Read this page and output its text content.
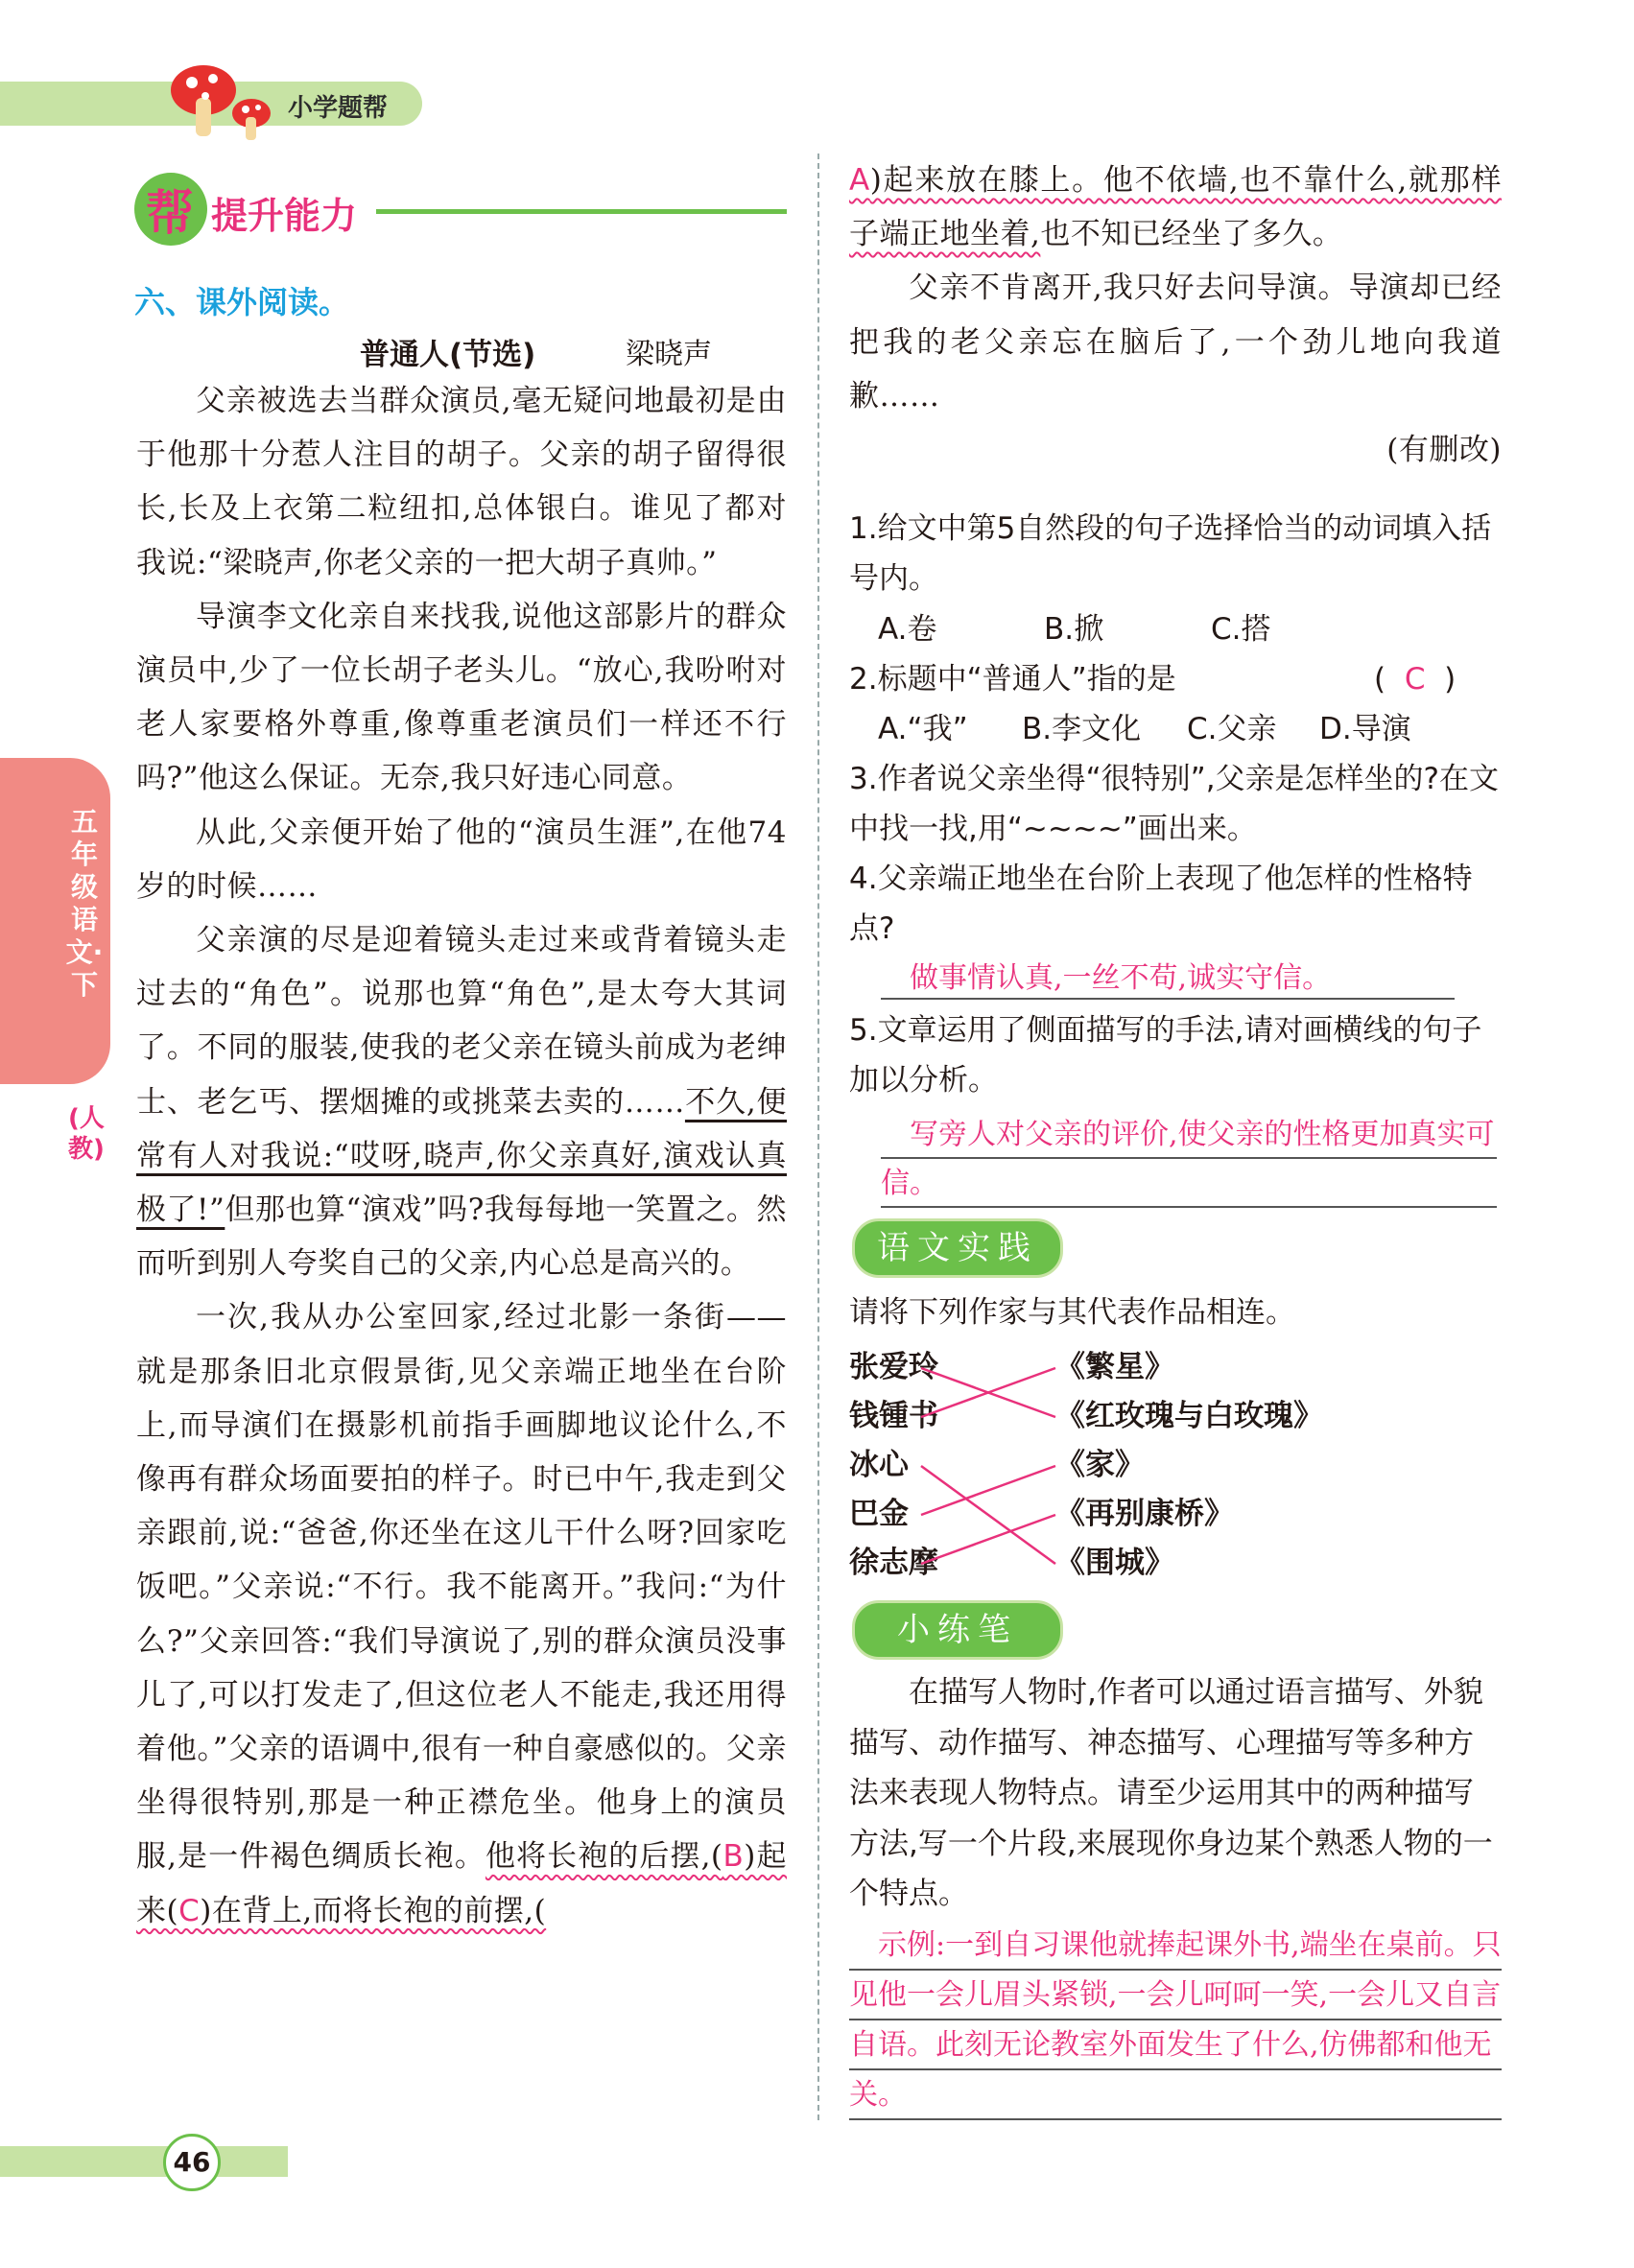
小学题帮
帮 提升能力
六、课外阅读。
普通人(节选)	梁晓声

父亲被选去当群众演员,毫无疑问地最初是由于他那十分惹人注目的胡子。父亲的胡子留得很长,长及上衣第二粒纽扣,总体银白。谁见了都对我说:“梁晓声,你老父亲的一把大胡子真帅。”

导演李文化亲自来找我,说他这部影片的群众演员中,少了一位长胡子老头儿。“放心,我吩咐对老人家要格外尊重,像尊重老演员们一样还不行吗?”他这么保证。无奈,我只好违心同意。

从此,父亲便开始了他的“演员生涯”,在他74岁的时候……

父亲演的尽是迎着镜头走过来或背着镜头走过去的“角色”。说那也算“角色”,是太夸大其词了。不同的服装,使我的老父亲在镜头前成为老绅士、老乞丐、摆烟摊的或挑菜去卖的……不久,便常有人对我说:“哎呀,晓声,你父亲真好,演戏认真极了!”但那也算“演戏”吗?我每每地一笑置之。然而听到别人夸奖自己的父亲,内心总是高兴的。

一次,我从办公室回家,经过北影一条街——就是那条旧北京假景街,见父亲端正地坐在台阶上,而导演们在摄影机前指手画脚地议论什么,不像再有群众场面要拍的样子。时已中午,我走到父亲跟前,说:“爸爸,你还坐在这儿干什么呀?回家吃饭吧。”父亲说:“不行。我不能离开。”我问:“为什么?”父亲回答:“我们导演说了,别的群众演员没事儿了,可以打发走了,但这位老人不能走,我还用得着他。”父亲的语调中,很有一种自豪感似的。父亲坐得很特别,那是一种正襟危坐。他身上的演员服,是一件褐色绸质长袍。他将长袍的后摆,(B)起来(C)在背上,而将长袍的前摆,(

A)起来放在膝上。他不依墙,也不靠什么,就那样子端正地坐着,也不知已经坐了多久。

父亲不肯离开,我只好去问导演。导演却已经把我的老父亲忘在脑后了,一个劲儿地向我道歉……

(有删改)

1.给文中第5自然段的句子选择恰当的动词填入括号内。
A.卷	B.掀	C.搭
2.标题中“普通人”指的是	(  C  )
A.“我” B.李文化 C.父亲 D.导演
3.作者说父亲坐得“很特别”,父亲是怎样坐的?在文中找一找,用“~~~~”画出来。
4.父亲端正地坐在台阶上表现了他怎样的性格特点?
做事情认真,一丝不苟,诚实守信。
5.文章运用了侧面描写的手法,请对画横线的句子加以分析。
写旁人对父亲的评价,使父亲的性格更加真实可信。
语文实践
请将下列作家与其代表作品相连。
张爱玲
钱锺书
冰心
巴金
徐志摩
《繁星》
《红玫瑰与白玫瑰》
《家》
《再别康桥》
《围城》
小练笔
在描写人物时,作者可以通过语言描写、外貌描写、动作描写、神态描写、心理描写等多种方法来表现人物特点。请至少运用其中的两种描写方法,写一个片段,来展现你身边某个熟悉人物的一个特点。
示例:一到自习课他就捧起课外书,端坐在桌前。只见他一会儿眉头紧锁,一会儿呵呵一笑,一会儿又自言自语。此刻无论教室外面发生了什么,仿佛都和他无关。
五年级语文·下
(人教)
46
